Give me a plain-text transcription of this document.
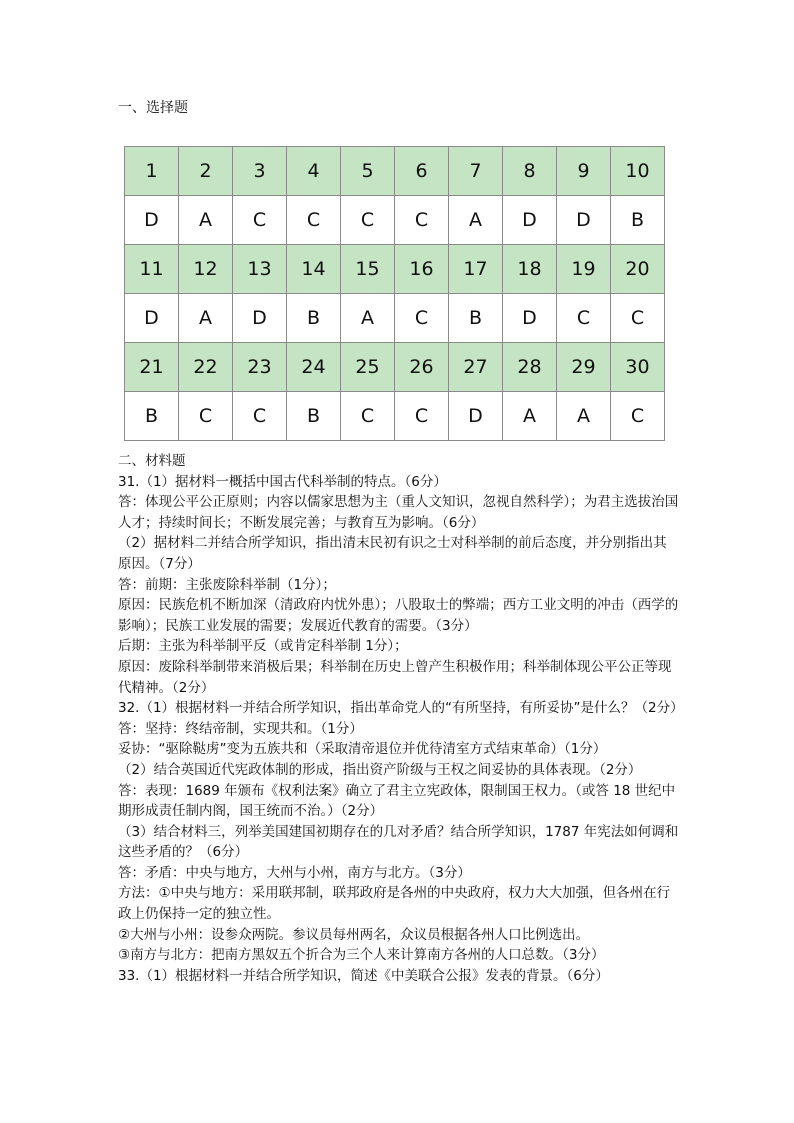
一、选择题
1	2	3	4	5	6	7	8	9	10
D	A	C	C	C	C	A	D	D	B
11	12	13	14	15	16	17	18	19	20
D	A	D	B	A	C	B	D	C	C
21	22	23	24	25	26	27	28	29	30
B	C	C	B	C	C	D	A	A	C

二、材料题

31.（1）据材料一概括中国古代科举制的特点。（6分）

答：体现公平公正原则；内容以儒家思想为主（重人文知识，忽视自然科学）；为君主选拔治国人才；持续时间长；不断发展完善；与教育互为影响。（6分）

（2）据材料二并结合所学知识，指出清末民初有识之士对科举制的前后态度，并分别指出其原因。（7分）

答：前期：主张废除科举制（1分）；

原因：民族危机不断加深（清政府内忧外患）；八股取士的弊端；西方工业文明的冲击（西学的影响）；民族工业发展的需要；发展近代教育的需要。（3分）

后期：主张为科举制平反（或肯定科举制 1分）；

原因：废除科举制带来消极后果；科举制在历史上曾产生积极作用；科举制体现公平公正等现代精神。（2分）

32.（1）根据材料一并结合所学知识，指出革命党人的“有所坚持，有所妥协”是什么？（2分）

答：坚持：终结帝制，实现共和。（1分）

妥协：“驱除鞑虏”变为五族共和（采取清帝退位并优待清室方式结束革命）（1分）

（2）结合英国近代宪政体制的形成，指出资产阶级与王权之间妥协的具体表现。（2分）

答：表现：1689 年颁布《权利法案》确立了君主立宪政体，限制国王权力。（或答 18 世纪中期形成责任制内阁，国王统而不治。）（2分）

（3）结合材料三，列举美国建国初期存在的几对矛盾？结合所学知识，1787 年宪法如何调和这些矛盾的？（6分）

答：矛盾：中央与地方，大州与小州，南方与北方。（3分）

方法：①中央与地方：采用联邦制，联邦政府是各州的中央政府，权力大大加强，但各州在行政上仍保持一定的独立性。

②大州与小州：设参众两院。参议员每州两名，众议员根据各州人口比例选出。

③南方与北方：把南方黑奴五个折合为三个人来计算南方各州的人口总数。（3分）

33.（1）根据材料一并结合所学知识，简述《中美联合公报》发表的背景。（6分）
